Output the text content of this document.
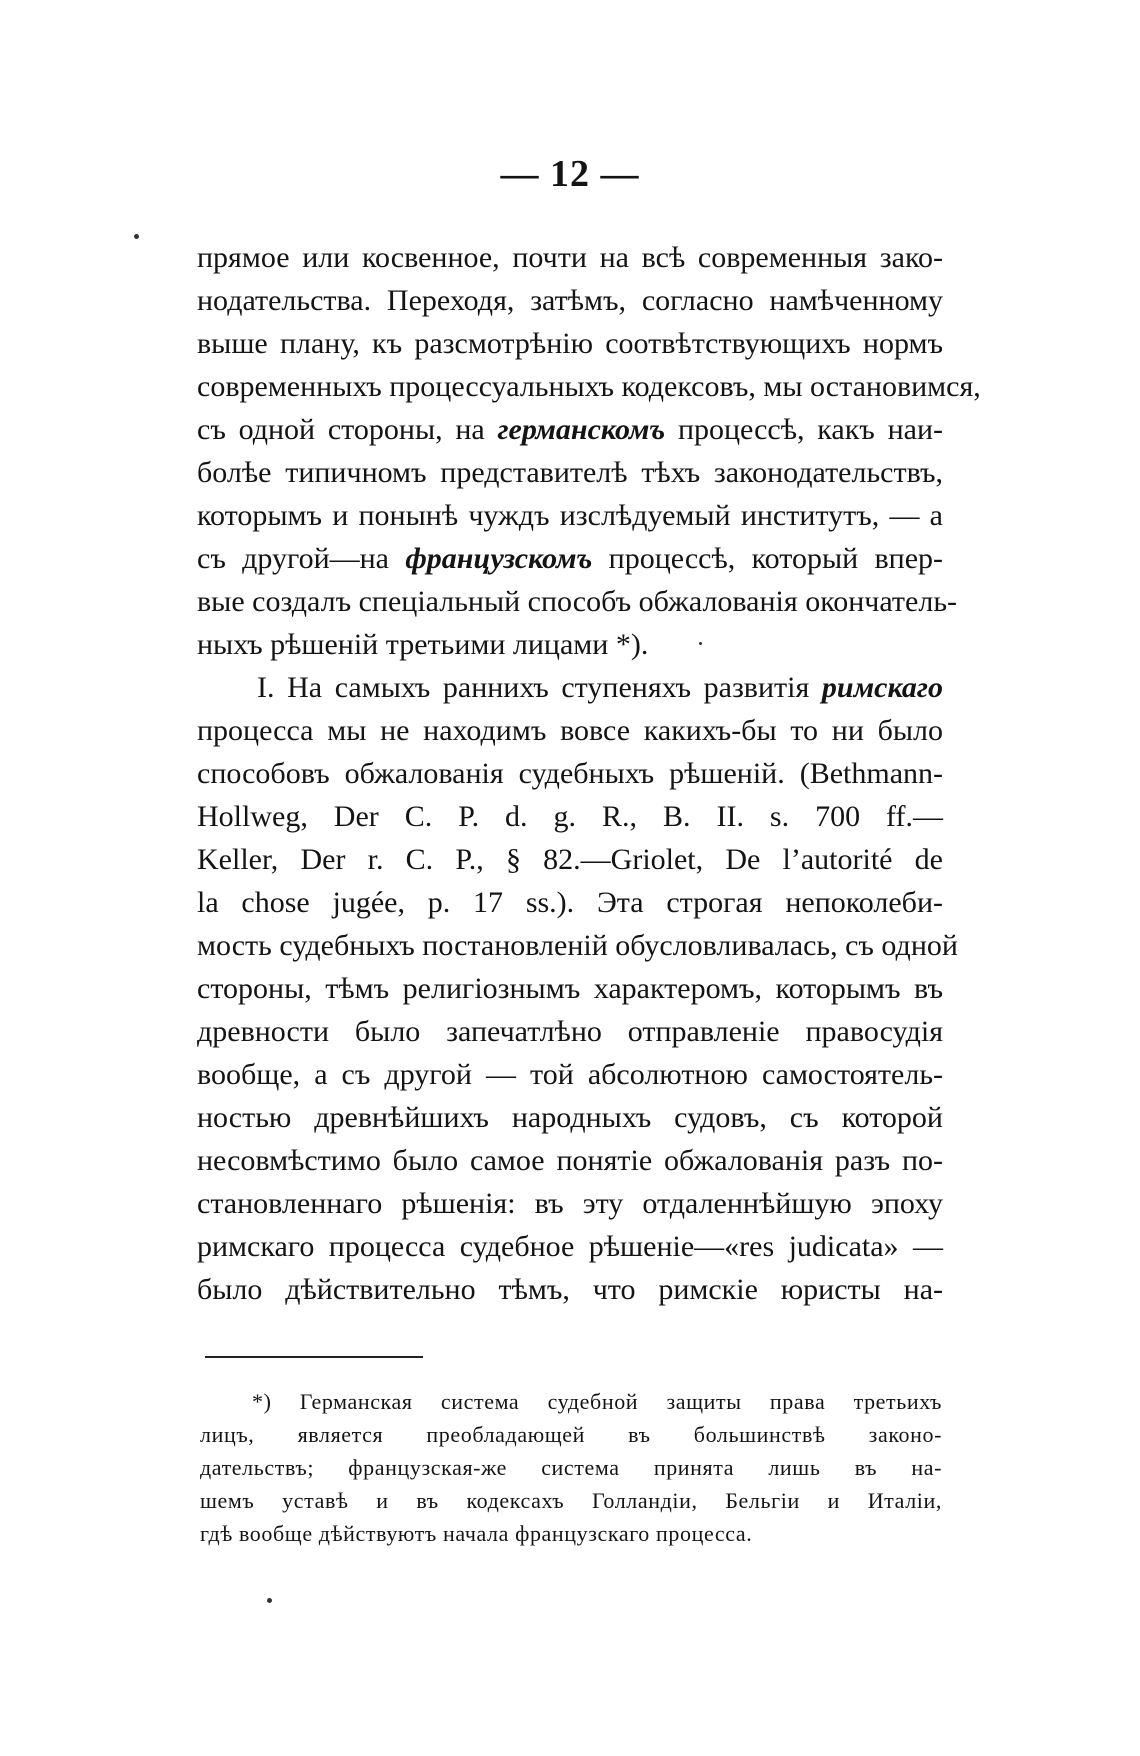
— 12 —
прямое или косвенное, почти на всѣ современныя зако-
нодательства. Переходя, затѣмъ, согласно намѣченному
выше плану, къ разсмотрѣнію соотвѣтствующихъ нормъ
современныхъ процессуальныхъ кодексовъ, мы остановимся,
съ одной стороны, на германскомъ процессѣ, какъ наи-
болѣе типичномъ представителѣ тѣхъ законодательствъ,
которымъ и понынѣ чуждъ изслѣдуемый институтъ, — а
съ другой—на французскомъ процессѣ, который впер-
вые создалъ спеціальный способъ обжалованія окончатель-
ныхъ рѣшеній третьими лицами *).
I. На самыхъ раннихъ ступеняхъ развитія римскаго
процесса мы не находимъ вовсе какихъ-бы то ни было
способовъ обжалованія судебныхъ рѣшеній. (Bethmann-
Hollweg, Der C. P. d. g. R., B. II. s. 700 ff.—
Keller, Der r. C. P., § 82.—Griolet, De l’autorité de
la chose jugée, p. 17 ss.). Эта строгая непоколеби-
мость судебныхъ постановленій обусловливалась, съ одной
стороны, тѣмъ религіознымъ характеромъ, которымъ въ
древности было запечатлѣно отправленіе правосудія
вообще, а съ другой — той абсолютною самостоятель-
ностью древнѣйшихъ народныхъ судовъ, съ которой
несовмѣстимо было самое понятіе обжалованія разъ по-
становленнаго рѣшенія: въ эту отдаленнѣйшую эпоху
римскаго процесса судебное рѣшеніе—«res judicata» —
было дѣйствительно тѣмъ, что римскіе юристы на-
*) Германская система судебной защиты права третьихъ
лицъ, является преобладающей въ большинствѣ законо-
дательствъ; французская-же система принята лишь въ на-
шемъ уставѣ и въ кодексахъ Голландіи, Бельгіи и Италіи,
гдѣ вообще дѣйствуютъ начала французскаго процесса.
